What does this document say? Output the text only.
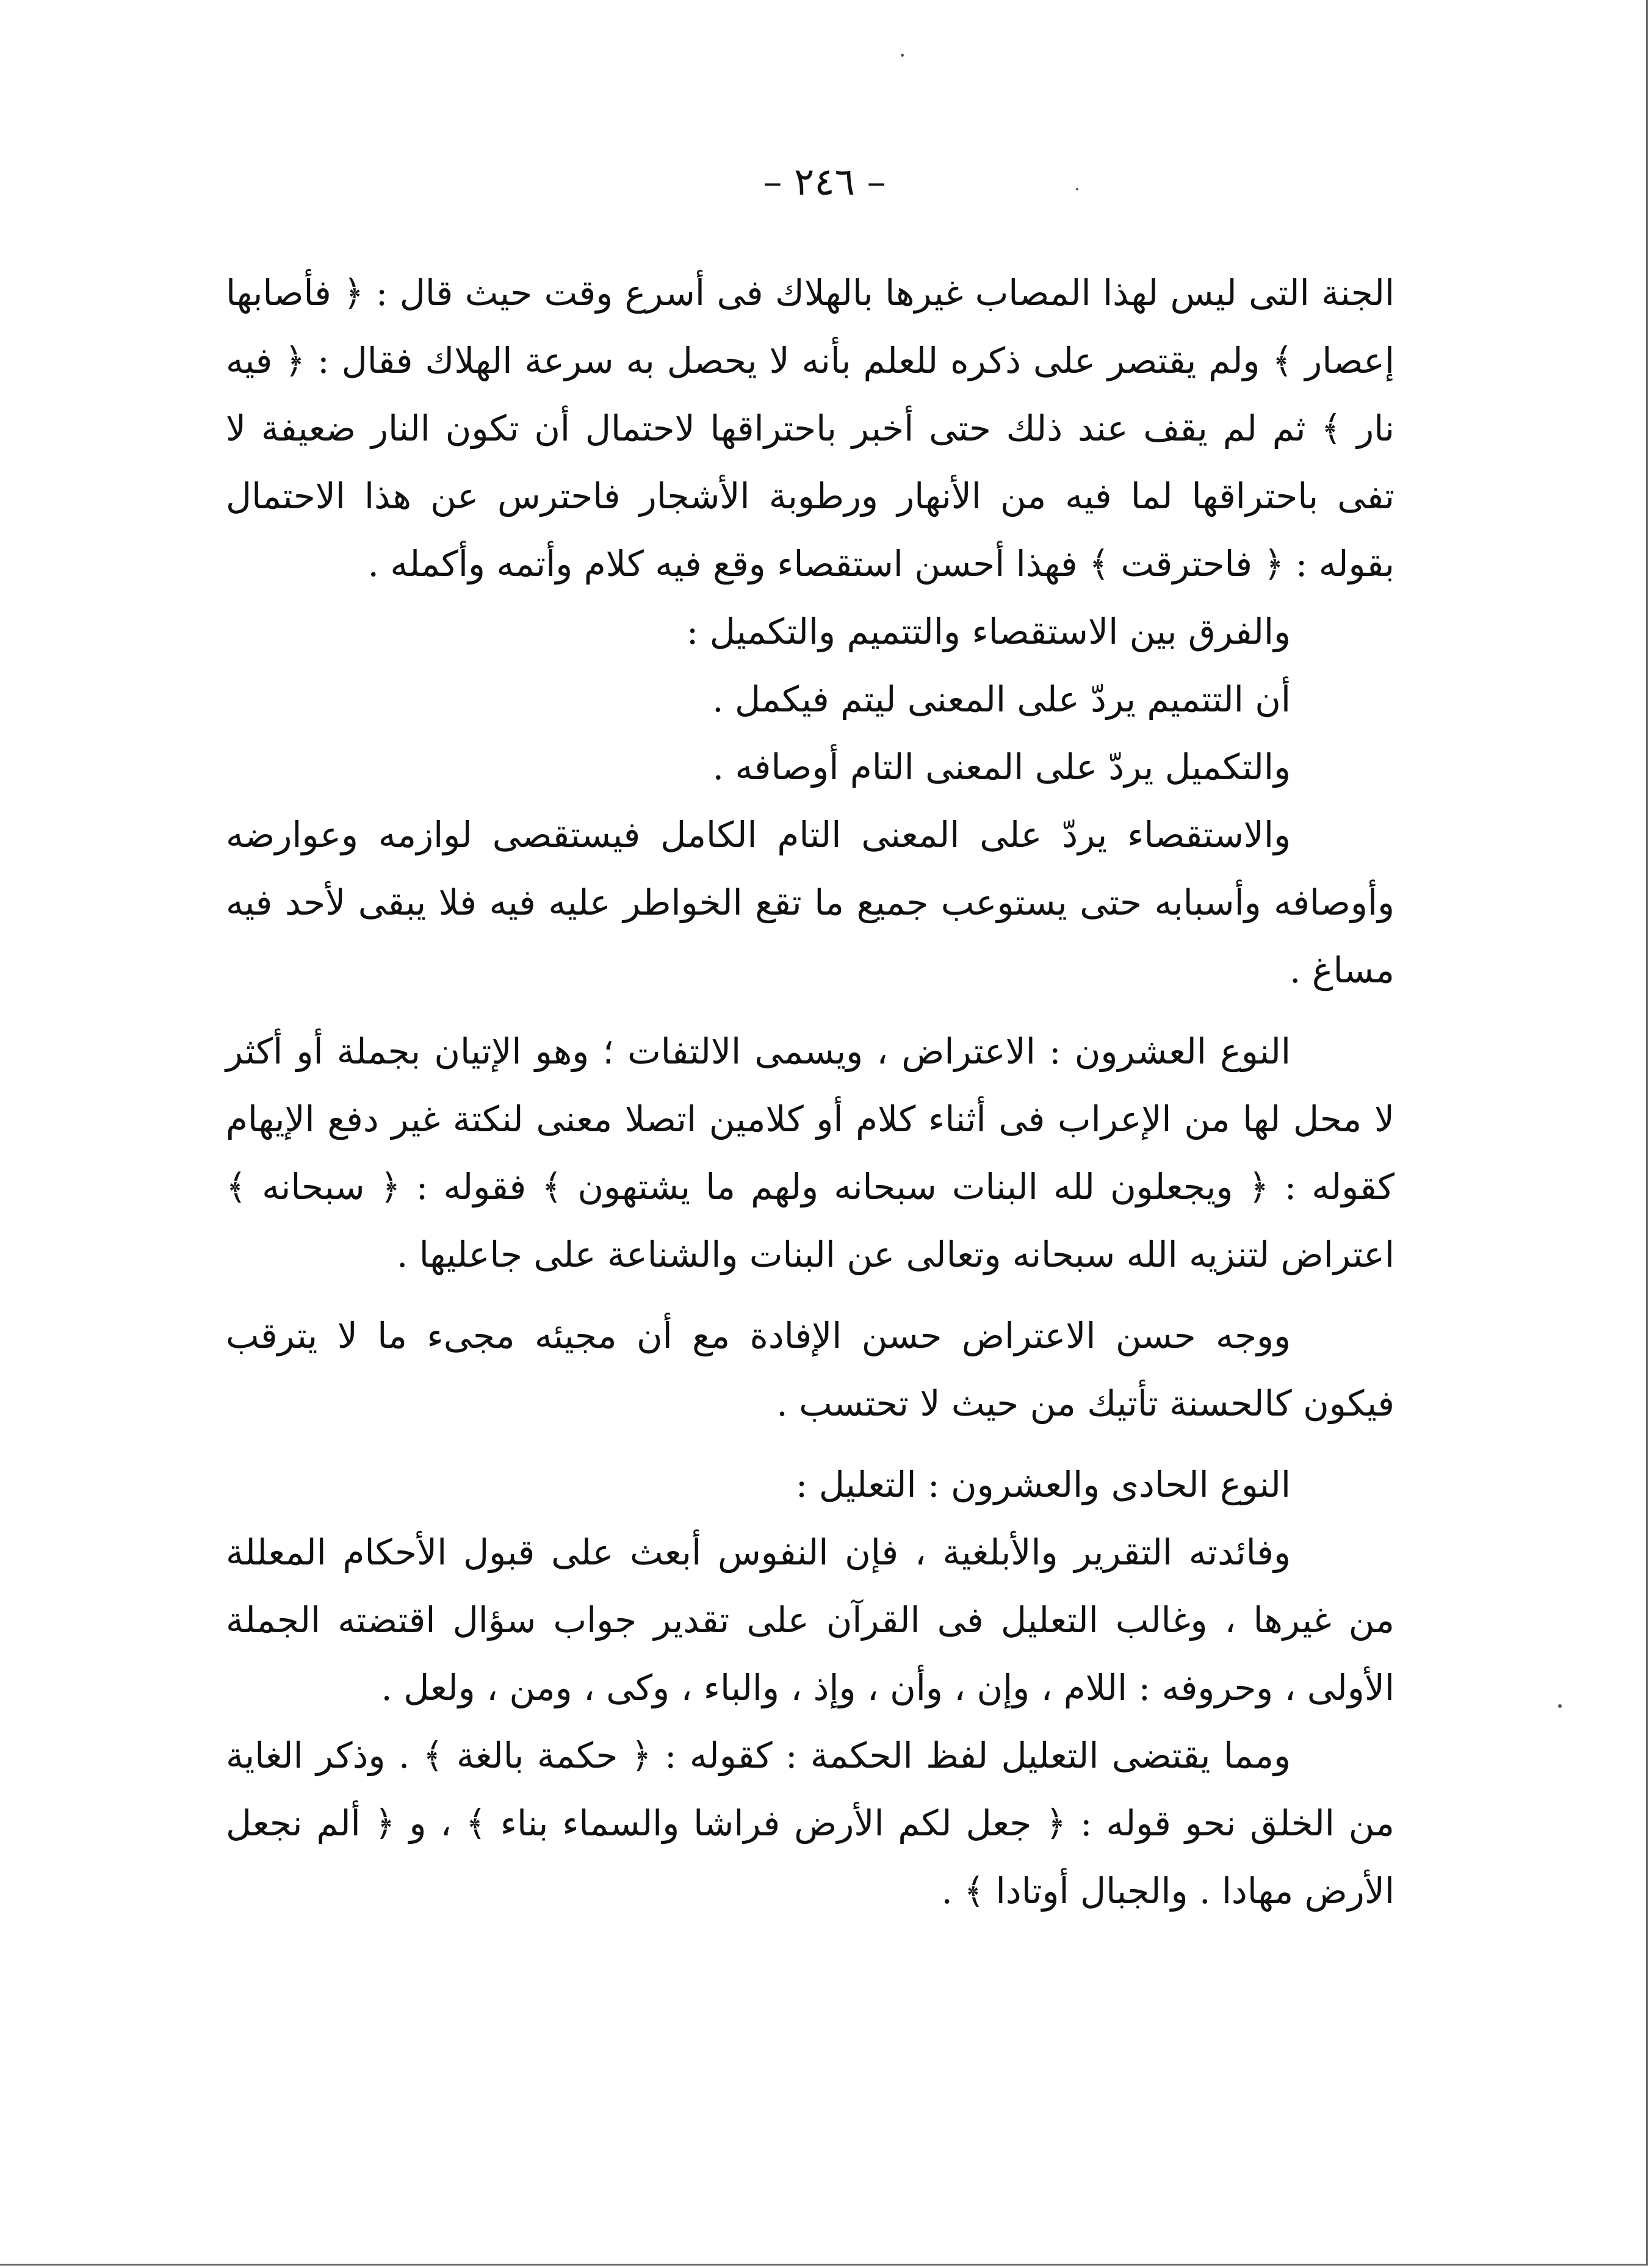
– ٢٤٦ –

الجنة التى ليس لهذا المصاب غيرها بالهلاك فى أسرع وقت حيث قال : ﴿ فأصابها إعصار ﴾ ولم يقتصر على ذكره للعلم بأنه لا يحصل به سرعة الهلاك فقال : ﴿ فيه نار ﴾ ثم لم يقف عند ذلك حتى أخبر باحتراقها لاحتمال أن تكون النار ضعيفة لا تفى باحتراقها لما فيه من الأنهار ورطوبة الأشجار فاحترس عن هذا الاحتمال بقوله : ﴿ فاحترقت ﴾ فهذا أحسن استقصاء وقع فيه كلام وأتمه وأكمله .

والفرق بين الاستقصاء والتتميم والتكميل :

أن التتميم يردّ على المعنى ليتم فيكمل .

والتكميل يردّ على المعنى التام أوصافه .

والاستقصاء يردّ على المعنى التام الكامل فيستقصى لوازمه وعوارضه وأوصافه وأسبابه حتى يستوعب جميع ما تقع الخواطر عليه فيه فلا يبقى لأحد فيه مساغ .

النوع العشرون : الاعتراض ، ويسمى الالتفات ؛ وهو الإتيان بجملة أو أكثر لا محل لها من الإعراب فى أثناء كلام أو كلامين اتصلا معنى لنكتة غير دفع الإيهام كقوله : ﴿ ويجعلون لله البنات سبحانه ولهم ما يشتهون ﴾ فقوله : ﴿ سبحانه ﴾ اعتراض لتنزيه الله سبحانه وتعالى عن البنات والشناعة على جاعليها .

ووجه حسن الاعتراض حسن الإفادة مع أن مجيئه مجىء ما لا يترقب فيكون كالحسنة تأتيك من حيث لا تحتسب .

النوع الحادى والعشرون : التعليل :

وفائدته التقرير والأبلغية ، فإن النفوس أبعث على قبول الأحكام المعللة من غيرها ، وغالب التعليل فى القرآن على تقدير جواب سؤال اقتضته الجملة الأولى ، وحروفه : اللام ، وإن ، وأن ، وإذ ، والباء ، وكى ، ومن ، ولعل .

ومما يقتضى التعليل لفظ الحكمة : كقوله : ﴿ حكمة بالغة ﴾ . وذكر الغاية من الخلق نحو قوله : ﴿ جعل لكم الأرض فراشا والسماء بناء ﴾ ، و ﴿ ألم نجعل الأرض مهادا . والجبال أوتادا ﴾ .
